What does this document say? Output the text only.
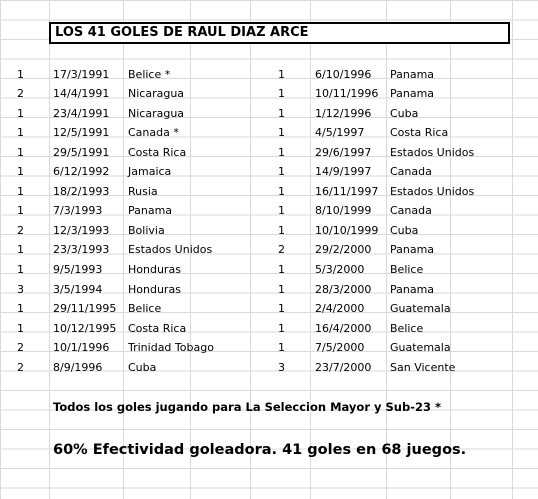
LOS 41 GOLES DE RAUL DIAZ ARCE
1	17/3/1991 Belice *
2	14/4/1991 Nicaragua
1	23/4/1991 Nicaragua
1	12/5/1991 Canada *
1	29/5/1991 Costa Rica
1	6/12/1992 Jamaica
1	18/2/1993 Rusia
1	7/3/1993 Panama
2	12/3/1993 Bolivia
1	23/3/1993 Estados Unidos
1	9/5/1993 Honduras
3	3/5/1994 Honduras
1	29/11/1995 Belice
1	10/12/1995 Costa Rica
2	10/1/1996 Trinidad Tobago
2	8/9/1996 Cuba
1	6/10/1996 Panama
1	10/11/1996 Panama
1	1/12/1996 Cuba
1	4/5/1997 Costa Rica
1	29/6/1997 Estados Unidos
1	14/9/1997 Canada
1	16/11/1997 Estados Unidos
1	8/10/1999 Canada
1	10/10/1999 Cuba
2	29/2/2000 Panama
1	5/3/2000 Belice
1	28/3/2000 Panama
1	2/4/2000 Guatemala
1	16/4/2000 Belice
1	7/5/2000 Guatemala
3	23/7/2000 San Vicente
Todos los goles jugando para La Seleccion Mayor y Sub-23 *
60% Efectividad goleadora. 41 goles en 68 juegos.
